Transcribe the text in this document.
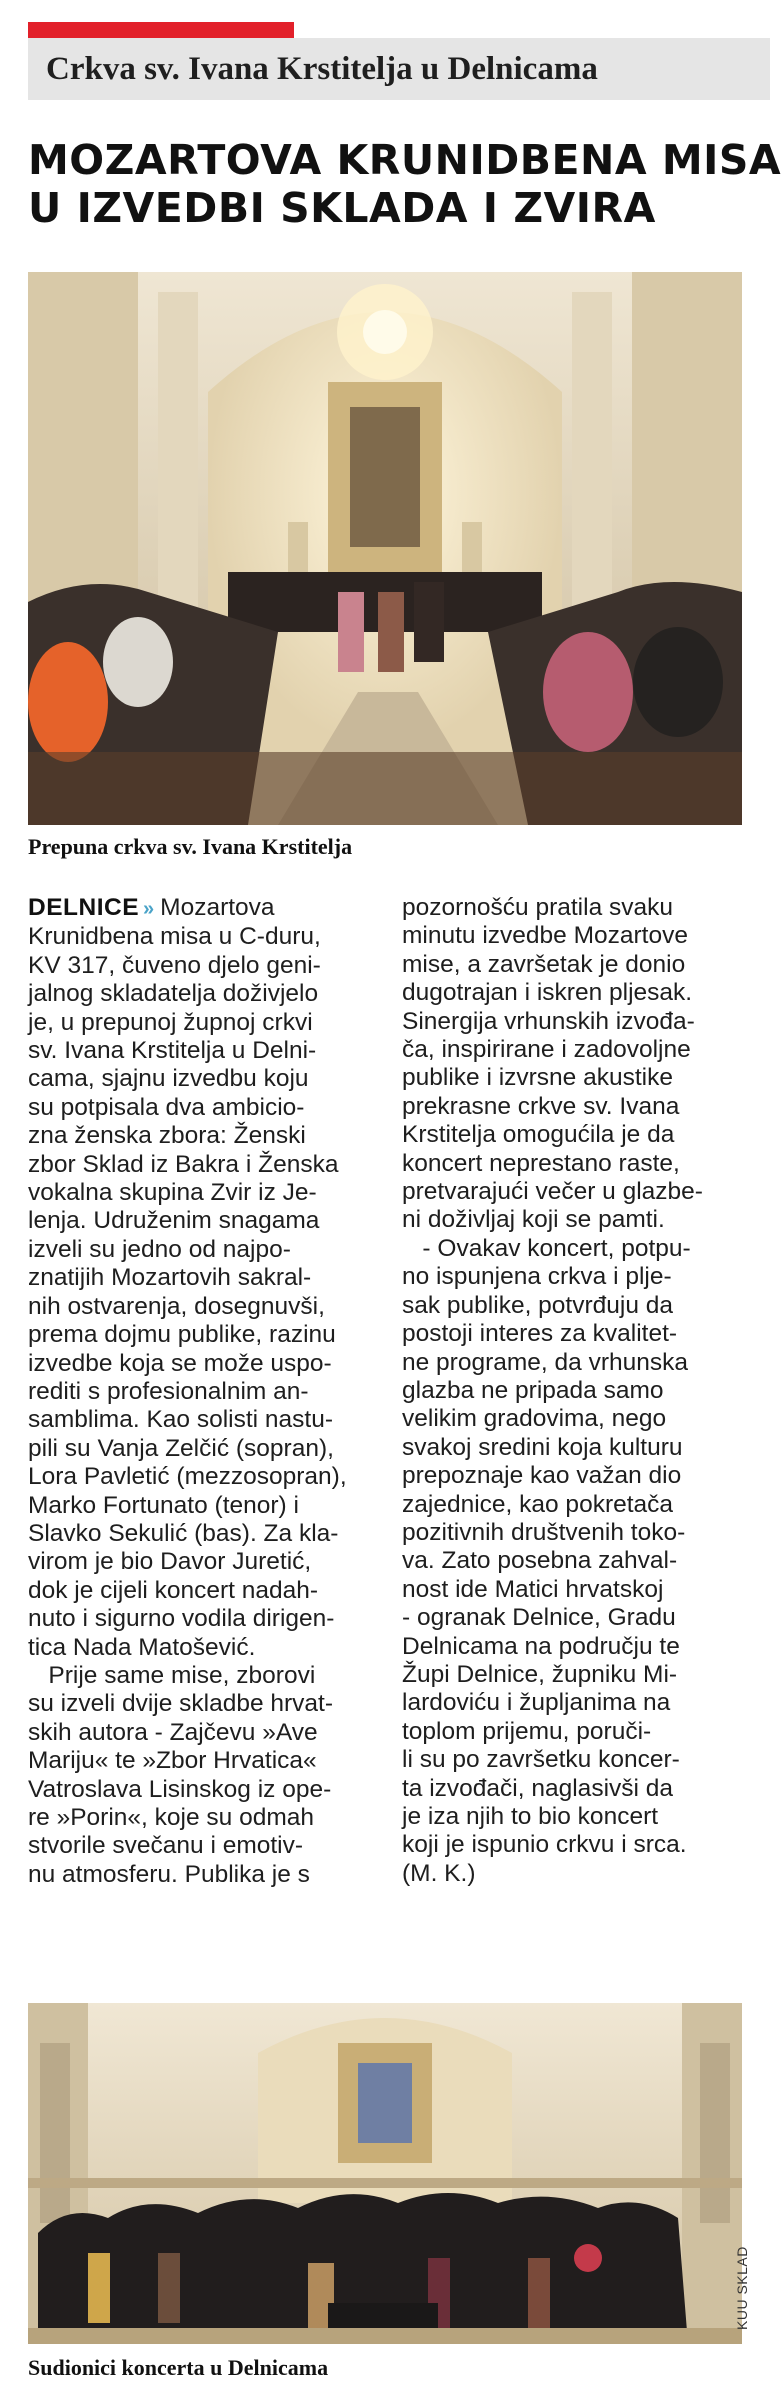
Crkva sv. Ivana Krstitelja u Delnicama
MOZARTOVA KRUNIDBENA MISA
U IZVEDBI SKLADA I ZVIRA
Prepuna crkva sv. Ivana Krstitelja
DELNICE » Mozartova
Krunidbena misa u C-duru,
KV 317, čuveno djelo geni-
jalnog skladatelja doživjelo
je, u prepunoj župnoj crkvi
sv. Ivana Krstitelja u Delni-
cama, sjajnu izvedbu koju
su potpisala dva ambicio-
zna ženska zbora: Ženski
zbor Sklad iz Bakra i Ženska
vokalna skupina Zvir iz Je-
lenja. Udruženim snagama
izveli su jedno od najpo-
znatijih Mozartovih sakral-
nih ostvarenja, dosegnuvši,
prema dojmu publike, razinu
izvedbe koja se može uspo-
rediti s profesionalnim an-
samblima. Kao solisti nastu-
pili su Vanja Zelčić (sopran),
Lora Pavletić (mezzosopran),
Marko Fortunato (tenor) i
Slavko Sekulić (bas). Za kla-
virom je bio Davor Juretić,
dok je cijeli koncert nadah-
nuto i sigurno vodila dirigen-
tica Nada Matošević.
Prije same mise, zborovi
su izveli dvije skladbe hrvat-
skih autora - Zajčevu »Ave
Mariju« te »Zbor Hrvatica«
Vatroslava Lisinskog iz ope-
re »Porin«, koje su odmah
stvorile svečanu i emotiv-
nu atmosferu. Publika je s
pozornošću pratila svaku
minutu izvedbe Mozartove
mise, a završetak je donio
dugotrajan i iskren pljesak.
Sinergija vrhunskih izvođa-
ča, inspirirane i zadovoljne
publike i izvrsne akustike
prekrasne crkve sv. Ivana
Krstitelja omogućila je da
koncert neprestano raste,
pretvarajući večer u glazbe-
ni doživljaj koji se pamti.
- Ovakav koncert, potpu-
no ispunjena crkva i plje-
sak publike, potvrđuju da
postoji interes za kvalitet-
ne programe, da vrhunska
glazba ne pripada samo
velikim gradovima, nego
svakoj sredini koja kulturu
prepoznaje kao važan dio
zajednice, kao pokretača
pozitivnih društvenih toko-
va. Zato posebna zahval-
nost ide Matici hrvatskoj
- ogranak Delnice, Gradu
Delnicama na području te
Župi Delnice, župniku Mi-
lardoviću i župljanima na
toplom prijemu, poruči-
li su po završetku koncer-
ta izvođači, naglasivši da
je iza njih to bio koncert
koji je ispunio crkvu i srca.
(M. K.)
Sudionici koncerta u Delnicama
KUU SKLAD
